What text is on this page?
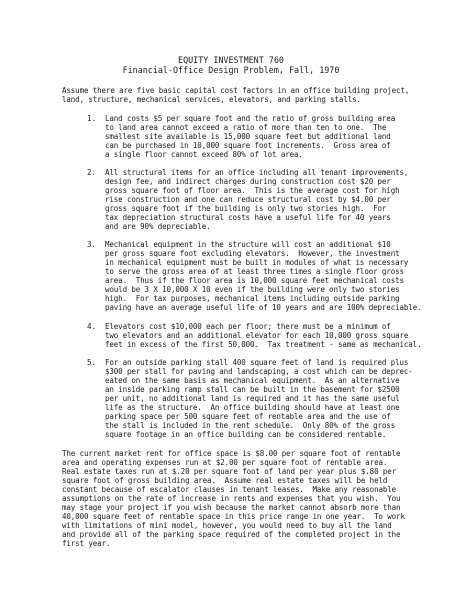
EQUITY INVESTMENT 760
Financial-Office Design Problem, Fall, 1970
Assume there are five basic capital cost factors in an office building project,
land, structure, mechanical services, elevators, and parking stalls.
1. Land costs $5 per square foot and the ratio of gross building area
to land area cannot exceed a ratio of more than ten to one.  The
smallest site available is 15,000 square feet but additional land
can be purchased in 10,000 square foot increments.  Gross area of
a single floor cannot exceed 80% of lot area.
2. All structural items for an office including all tenant improvements,
design fee, and indirect charges during construction cost $20 per
gross square foot of floor area.  This is the average cost for high
rise construction and one can reduce structural cost by $4.00 per
gross square foot if the building is only two stories high.  For
tax depreciation structural costs have a useful life for 40 years
and are 90% depreciable.
3. Mechanical equipment in the structure will cost an additional $10
per gross square foot excluding elevators.  However, the investment
in mechanical equipment must be built in modules of what is necessary
to serve the gross area of at least three times a single floor gross
area.  Thus if the floor area is 10,000 square feet mechanical costs
would be 3 X 10,000 X 10 even if the building were only two stories
high.  For tax purposes, mechanical items including outside parking
paving have an average useful life of 10 years and are 100% depreciable.
4. Elevators cost $10,000 each per floor; there must be a minimum of
two elevators and an additional elevator for each 10,000 gross square
feet in excess of the first 50,000.  Tax treatment - same as mechanical.
5. For an outside parking stall 400 square feet of land is required plus
$300 per stall for paving and landscaping, a cost which can be deprec-
eated on the same basis as mechanical equipment.  As an alternative
an inside parking ramp stall can be built in the basement for $2500
per unit, no additional land is required and it has the same useful
life as the structure.  An office building should have at least one
parking space per 500 square feet of rentable area and the use of
the stall is included in the rent schedule.  Only 80% of the gross
square footage in an office building can be considered rentable.
The current market rent for office space is $8.00 per square foot of rentable
area and operating expenses run at $2.00 per square foot of rentable area.
Real estate taxes run at $.20 per square foot of land per year plus $.80 per
square foot of gross building area.  Assume real estate taxes will be held
constant because of escalator clauses in tenant leases.  Make any reasonable
assumptions on the rate of increase in rents and expenses that you wish.  You
may stage your project if you wish because the market cannot absorb more than
40,000 square feet of rentable space in this price range in one year.  To work
with limitations of mini model, however, you would need to buy all the land
and provide all of the parking space required of the completed project in the
first year.
